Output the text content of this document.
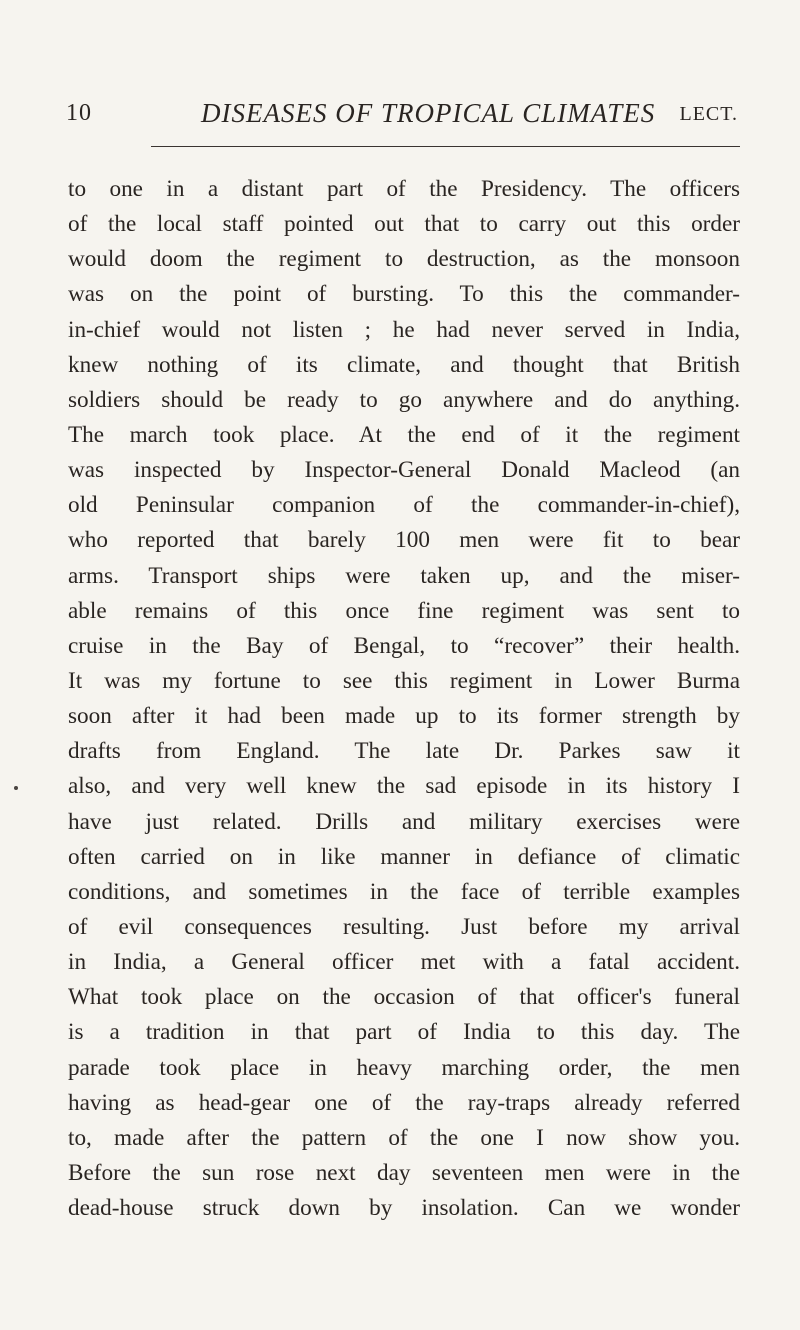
10	DISEASES OF TROPICAL CLIMATES LECT.
to one in a distant part of the Presidency. The officers
of the local staff pointed out that to carry out this order
would doom the regiment to destruction, as the monsoon
was on the point of bursting. To this the commander-
in-chief would not listen ; he had never served in India,
knew nothing of its climate, and thought that British
soldiers should be ready to go anywhere and do anything.
The march took place. At the end of it the regiment
was inspected by Inspector-General Donald Macleod (an
old Peninsular companion of the commander-in-chief),
who reported that barely 100 men were fit to bear
arms. Transport ships were taken up, and the miser-
able remains of this once fine regiment was sent to
cruise in the Bay of Bengal, to “recover” their health.
It was my fortune to see this regiment in Lower Burma
soon after it had been made up to its former strength by
drafts from England. The late Dr. Parkes saw it
also, and very well knew the sad episode in its history I
have just related. Drills and military exercises were
often carried on in like manner in defiance of climatic
conditions, and sometimes in the face of terrible examples
of evil consequences resulting. Just before my arrival
in India, a General officer met with a fatal accident.
What took place on the occasion of that officer's funeral
is a tradition in that part of India to this day. The
parade took place in heavy marching order, the men
having as head-gear one of the ray-traps already referred
to, made after the pattern of the one I now show you.
Before the sun rose next day seventeen men were in the
dead-house struck down by insolation. Can we wonder
